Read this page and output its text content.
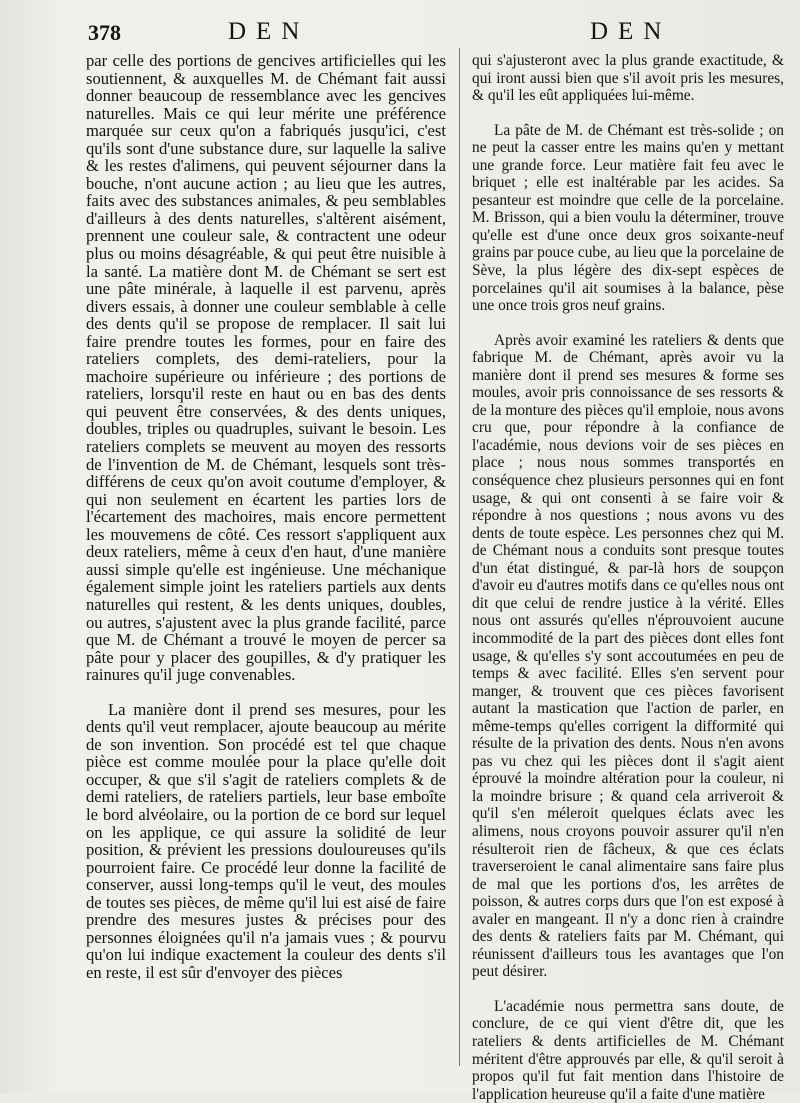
378	DEN	DEN

par celle des portions de gencives artificielles qui les soutiennent, & auxquelles M. de Chémant fait aussi donner beaucoup de ressemblance avec les gencives naturelles. Mais ce qui leur mérite une préférence marquée sur ceux qu'on a fabriqués jusqu'ici, c'est qu'ils sont d'une substance dure, sur laquelle la salive & les restes d'alimens, qui peuvent séjourner dans la bouche, n'ont aucune action ; au lieu que les autres, faits avec des substances animales, & peu semblables d'ailleurs à des dents naturelles, s'altèrent aisément, prennent une couleur sale, & contractent une odeur plus ou moins désagréable, & qui peut être nuisible à la santé. La matière dont M. de Chémant se sert est une pâte minérale, à laquelle il est parvenu, après divers essais, à donner une couleur semblable à celle des dents qu'il se propose de remplacer. Il sait lui faire prendre toutes les formes, pour en faire des rateliers complets, des demi-rateliers, pour la machoire supérieure ou inférieure ; des portions de rateliers, lorsqu'il reste en haut ou en bas des dents qui peuvent être conservées, & des dents uniques, doubles, triples ou quadruples, suivant le besoin. Les rateliers complets se meuvent au moyen des ressorts de l'invention de M. de Chémant, lesquels sont très-différens de ceux qu'on avoit coutume d'employer, & qui non seulement en écartent les parties lors de l'écartement des machoires, mais encore permettent les mouvemens de côté. Ces ressort s'appliquent aux deux rateliers, même à ceux d'en haut, d'une manière aussi simple qu'elle est ingénieuse. Une méchanique également simple joint les rateliers partiels aux dents naturelles qui restent, & les dents uniques, doubles, ou autres, s'ajustent avec la plus grande facilité, parce que M. de Chémant a trouvé le moyen de percer sa pâte pour y placer des goupilles, & d'y pratiquer les rainures qu'il juge convenables.

La manière dont il prend ses mesures, pour les dents qu'il veut remplacer, ajoute beaucoup au mérite de son invention. Son procédé est tel que chaque pièce est comme moulée pour la place qu'elle doit occuper, & que s'il s'agit de rateliers complets & de demi rateliers, de rateliers partiels, leur base emboîte le bord alvéolaire, ou la portion de ce bord sur lequel on les applique, ce qui assure la solidité de leur position, & prévient les pressions douloureuses qu'ils pourroient faire. Ce procédé leur donne la facilité de conserver, aussi long-temps qu'il le veut, des moules de toutes ses pièces, de même qu'il lui est aisé de faire prendre des mesures justes & précises pour des personnes éloignées qu'il n'a jamais vues ; & pourvu qu'on lui indique exactement la couleur des dents s'il en reste, il est sûr d'envoyer des pièces

qui s'ajusteront avec la plus grande exactitude, & qui iront aussi bien que s'il avoit pris les mesures, & qu'il les eût appliquées lui-même.

La pâte de M. de Chémant est très-solide ; on ne peut la casser entre les mains qu'en y mettant une grande force. Leur matière fait feu avec le briquet ; elle est inaltérable par les acides. Sa pesanteur est moindre que celle de la porcelaine. M. Brisson, qui a bien voulu la déterminer, trouve qu'elle est d'une once deux gros soixante-neuf grains par pouce cube, au lieu que la porcelaine de Sève, la plus légère des dix-sept espèces de porcelaines qu'il ait soumises à la balance, pèse une once trois gros neuf grains.

Après avoir examiné les rateliers & dents que fabrique M. de Chémant, après avoir vu la manière dont il prend ses mesures & forme ses moules, avoir pris connoissance de ses ressorts & de la monture des pièces qu'il emploie, nous avons cru que, pour répondre à la confiance de l'académie, nous devions voir de ses pièces en place ; nous nous sommes transportés en conséquence chez plusieurs personnes qui en font usage, & qui ont consenti à se faire voir & répondre à nos questions ; nous avons vu des dents de toute espèce. Les personnes chez qui M. de Chémant nous a conduits sont presque toutes d'un état distingué, & par-là hors de soupçon d'avoir eu d'autres motifs dans ce qu'elles nous ont dit que celui de rendre justice à la vérité. Elles nous ont assurés qu'elles n'éprouvoient aucune incommodité de la part des pièces dont elles font usage, & qu'elles s'y sont accoutumées en peu de temps & avec facilité. Elles s'en servent pour manger, & trouvent que ces pièces favorisent autant la mastication que l'action de parler, en même-temps qu'elles corrigent la difformité qui résulte de la privation des dents. Nous n'en avons pas vu chez qui les pièces dont il s'agit aient éprouvé la moindre altération pour la couleur, ni la moindre brisure ; & quand cela arriveroit & qu'il s'en méleroit quelques éclats avec les alimens, nous croyons pouvoir assurer qu'il n'en résulteroit rien de fâcheux, & que ces éclats traverseroient le canal alimentaire sans faire plus de mal que les portions d'os, les arrêtes de poisson, & autres corps durs que l'on est exposé à avaler en mangeant. Il n'y a donc rien à craindre des dents & rateliers faits par M. Chémant, qui réunissent d'ailleurs tous les avantages que l'on peut désirer.

L'académie nous permettra sans doute, de conclure, de ce qui vient d'être dit, que les rateliers & dents artificielles de M. Chémant méritent d'être approuvés par elle, & qu'il seroit à propos qu'il fut fait mention dans l'histoire de l'application heureuse qu'il a faite d'une matière
